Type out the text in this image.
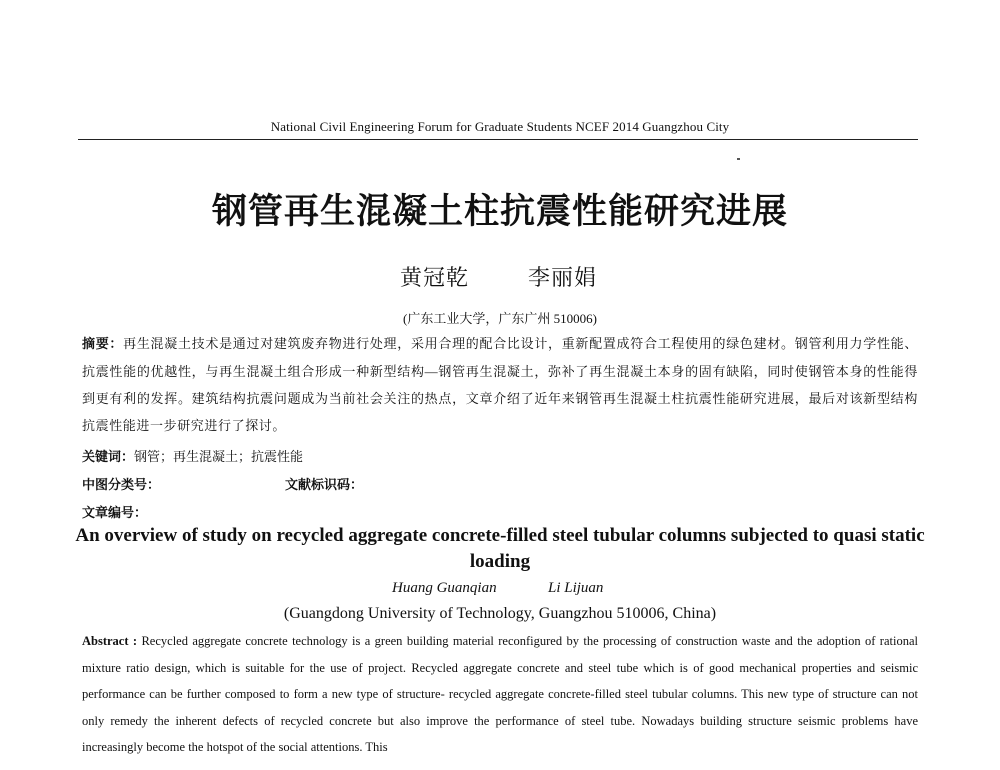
National Civil Engineering Forum for Graduate Students NCEF 2014 Guangzhou City
钢管再生混凝土柱抗震性能研究进展
黄冠乾	李丽娟
(广东工业大学，广东广州 510006)
摘要：再生混凝土技术是通过对建筑废弃物进行处理，采用合理的配合比设计，重新配置成符合工程使用的绿色建材。钢管利用力学性能、抗震性能的优越性，与再生混凝土组合形成一种新型结构—钢管再生混凝土，弥补了再生混凝土本身的固有缺陷，同时使钢管本身的性能得到更有利的发挥。建筑结构抗震问题成为当前社会关注的热点，文章介绍了近年来钢管再生混凝土柱抗震性能研究进展，最后对该新型结构抗震性能进一步研究进行了探讨。
关键词：钢管；再生混凝土；抗震性能
中图分类号：	文献标识码：
文章编号：
An overview of study on recycled aggregate concrete-filled steel tubular columns subjected to quasi static loading
Huang Guanqian	Li Lijuan
(Guangdong University of Technology, Guangzhou 510006, China)
Abstract : Recycled aggregate concrete technology is a green building material reconfigured by the processing of construction waste and the adoption of rational mixture ratio design, which is suitable for the use of project. Recycled aggregate concrete and steel tube which is of good mechanical properties and seismic performance can be further composed to form a new type of structure- recycled aggregate concrete-filled steel tubular columns. This new type of structure can not only remedy the inherent defects of recycled concrete but also improve the performance of steel tube. Nowadays building structure seismic problems have increasingly become the hotspot of the social attentions. This
